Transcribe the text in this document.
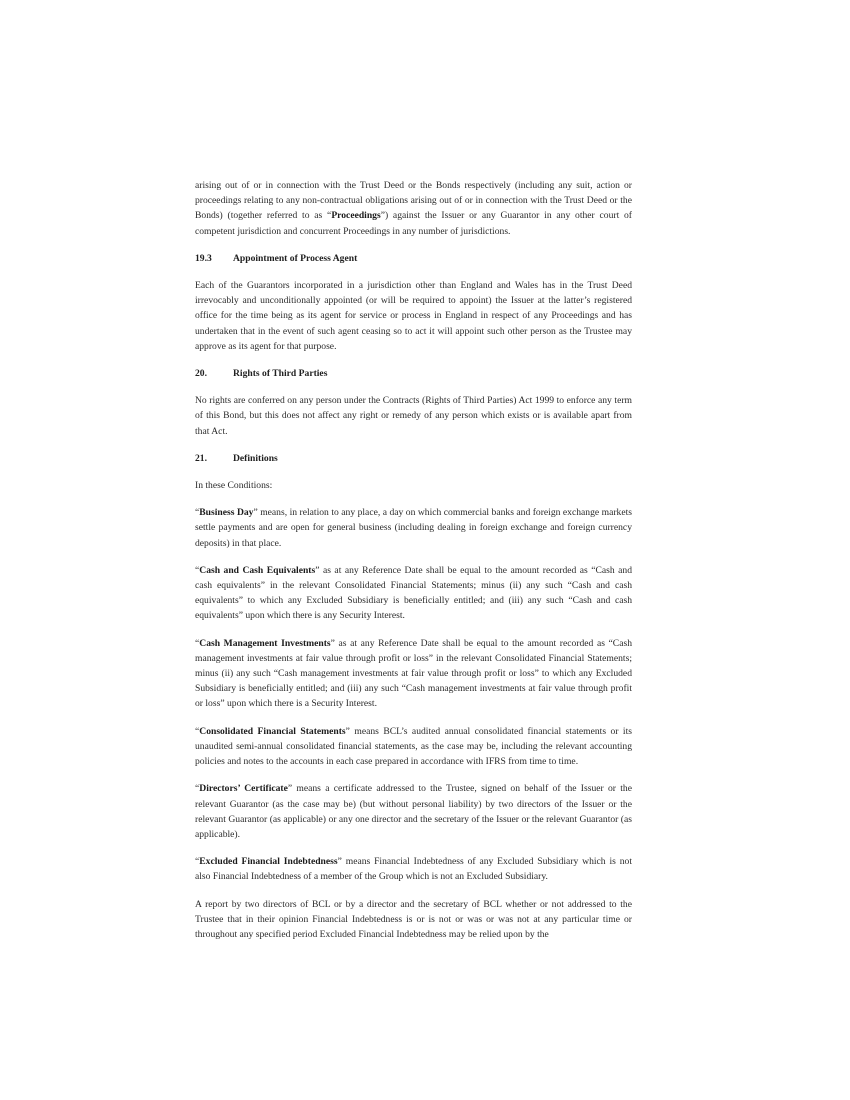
arising out of or in connection with the Trust Deed or the Bonds respectively (including any suit, action or proceedings relating to any non-contractual obligations arising out of or in connection with the Trust Deed or the Bonds) (together referred to as “Proceedings”) against the Issuer or any Guarantor in any other court of competent jurisdiction and concurrent Proceedings in any number of jurisdictions.

19.3 Appointment of Process Agent

Each of the Guarantors incorporated in a jurisdiction other than England and Wales has in the Trust Deed irrevocably and unconditionally appointed (or will be required to appoint) the Issuer at the latter’s registered office for the time being as its agent for service or process in England in respect of any Proceedings and has undertaken that in the event of such agent ceasing so to act it will appoint such other person as the Trustee may approve as its agent for that purpose.

20.	Rights of Third Parties

No rights are conferred on any person under the Contracts (Rights of Third Parties) Act 1999 to enforce any term of this Bond, but this does not affect any right or remedy of any person which exists or is available apart from that Act.

21.	Definitions

In these Conditions:

“Business Day” means, in relation to any place, a day on which commercial banks and foreign exchange markets settle payments and are open for general business (including dealing in foreign exchange and foreign currency deposits) in that place.

“Cash and Cash Equivalents” as at any Reference Date shall be equal to the amount recorded as “Cash and cash equivalents” in the relevant Consolidated Financial Statements; minus (ii) any such “Cash and cash equivalents” to which any Excluded Subsidiary is beneficially entitled; and (iii) any such “Cash and cash equivalents” upon which there is any Security Interest.

“Cash Management Investments” as at any Reference Date shall be equal to the amount recorded as “Cash management investments at fair value through profit or loss” in the relevant Consolidated Financial Statements; minus (ii) any such “Cash management investments at fair value through profit or loss” to which any Excluded Subsidiary is beneficially entitled; and (iii) any such “Cash management investments at fair value through profit or loss” upon which there is a Security Interest.

“Consolidated Financial Statements” means BCL’s audited annual consolidated financial statements or its unaudited semi-annual consolidated financial statements, as the case may be, including the relevant accounting policies and notes to the accounts in each case prepared in accordance with IFRS from time to time.

“Directors’ Certificate” means a certificate addressed to the Trustee, signed on behalf of the Issuer or the relevant Guarantor (as the case may be) (but without personal liability) by two directors of the Issuer or the relevant Guarantor (as applicable) or any one director and the secretary of the Issuer or the relevant Guarantor (as applicable).

“Excluded Financial Indebtedness” means Financial Indebtedness of any Excluded Subsidiary which is not also Financial Indebtedness of a member of the Group which is not an Excluded Subsidiary.

A report by two directors of BCL or by a director and the secretary of BCL whether or not addressed to the Trustee that in their opinion Financial Indebtedness is or is not or was or was not at any particular time or throughout any specified period Excluded Financial Indebtedness may be relied upon by the
